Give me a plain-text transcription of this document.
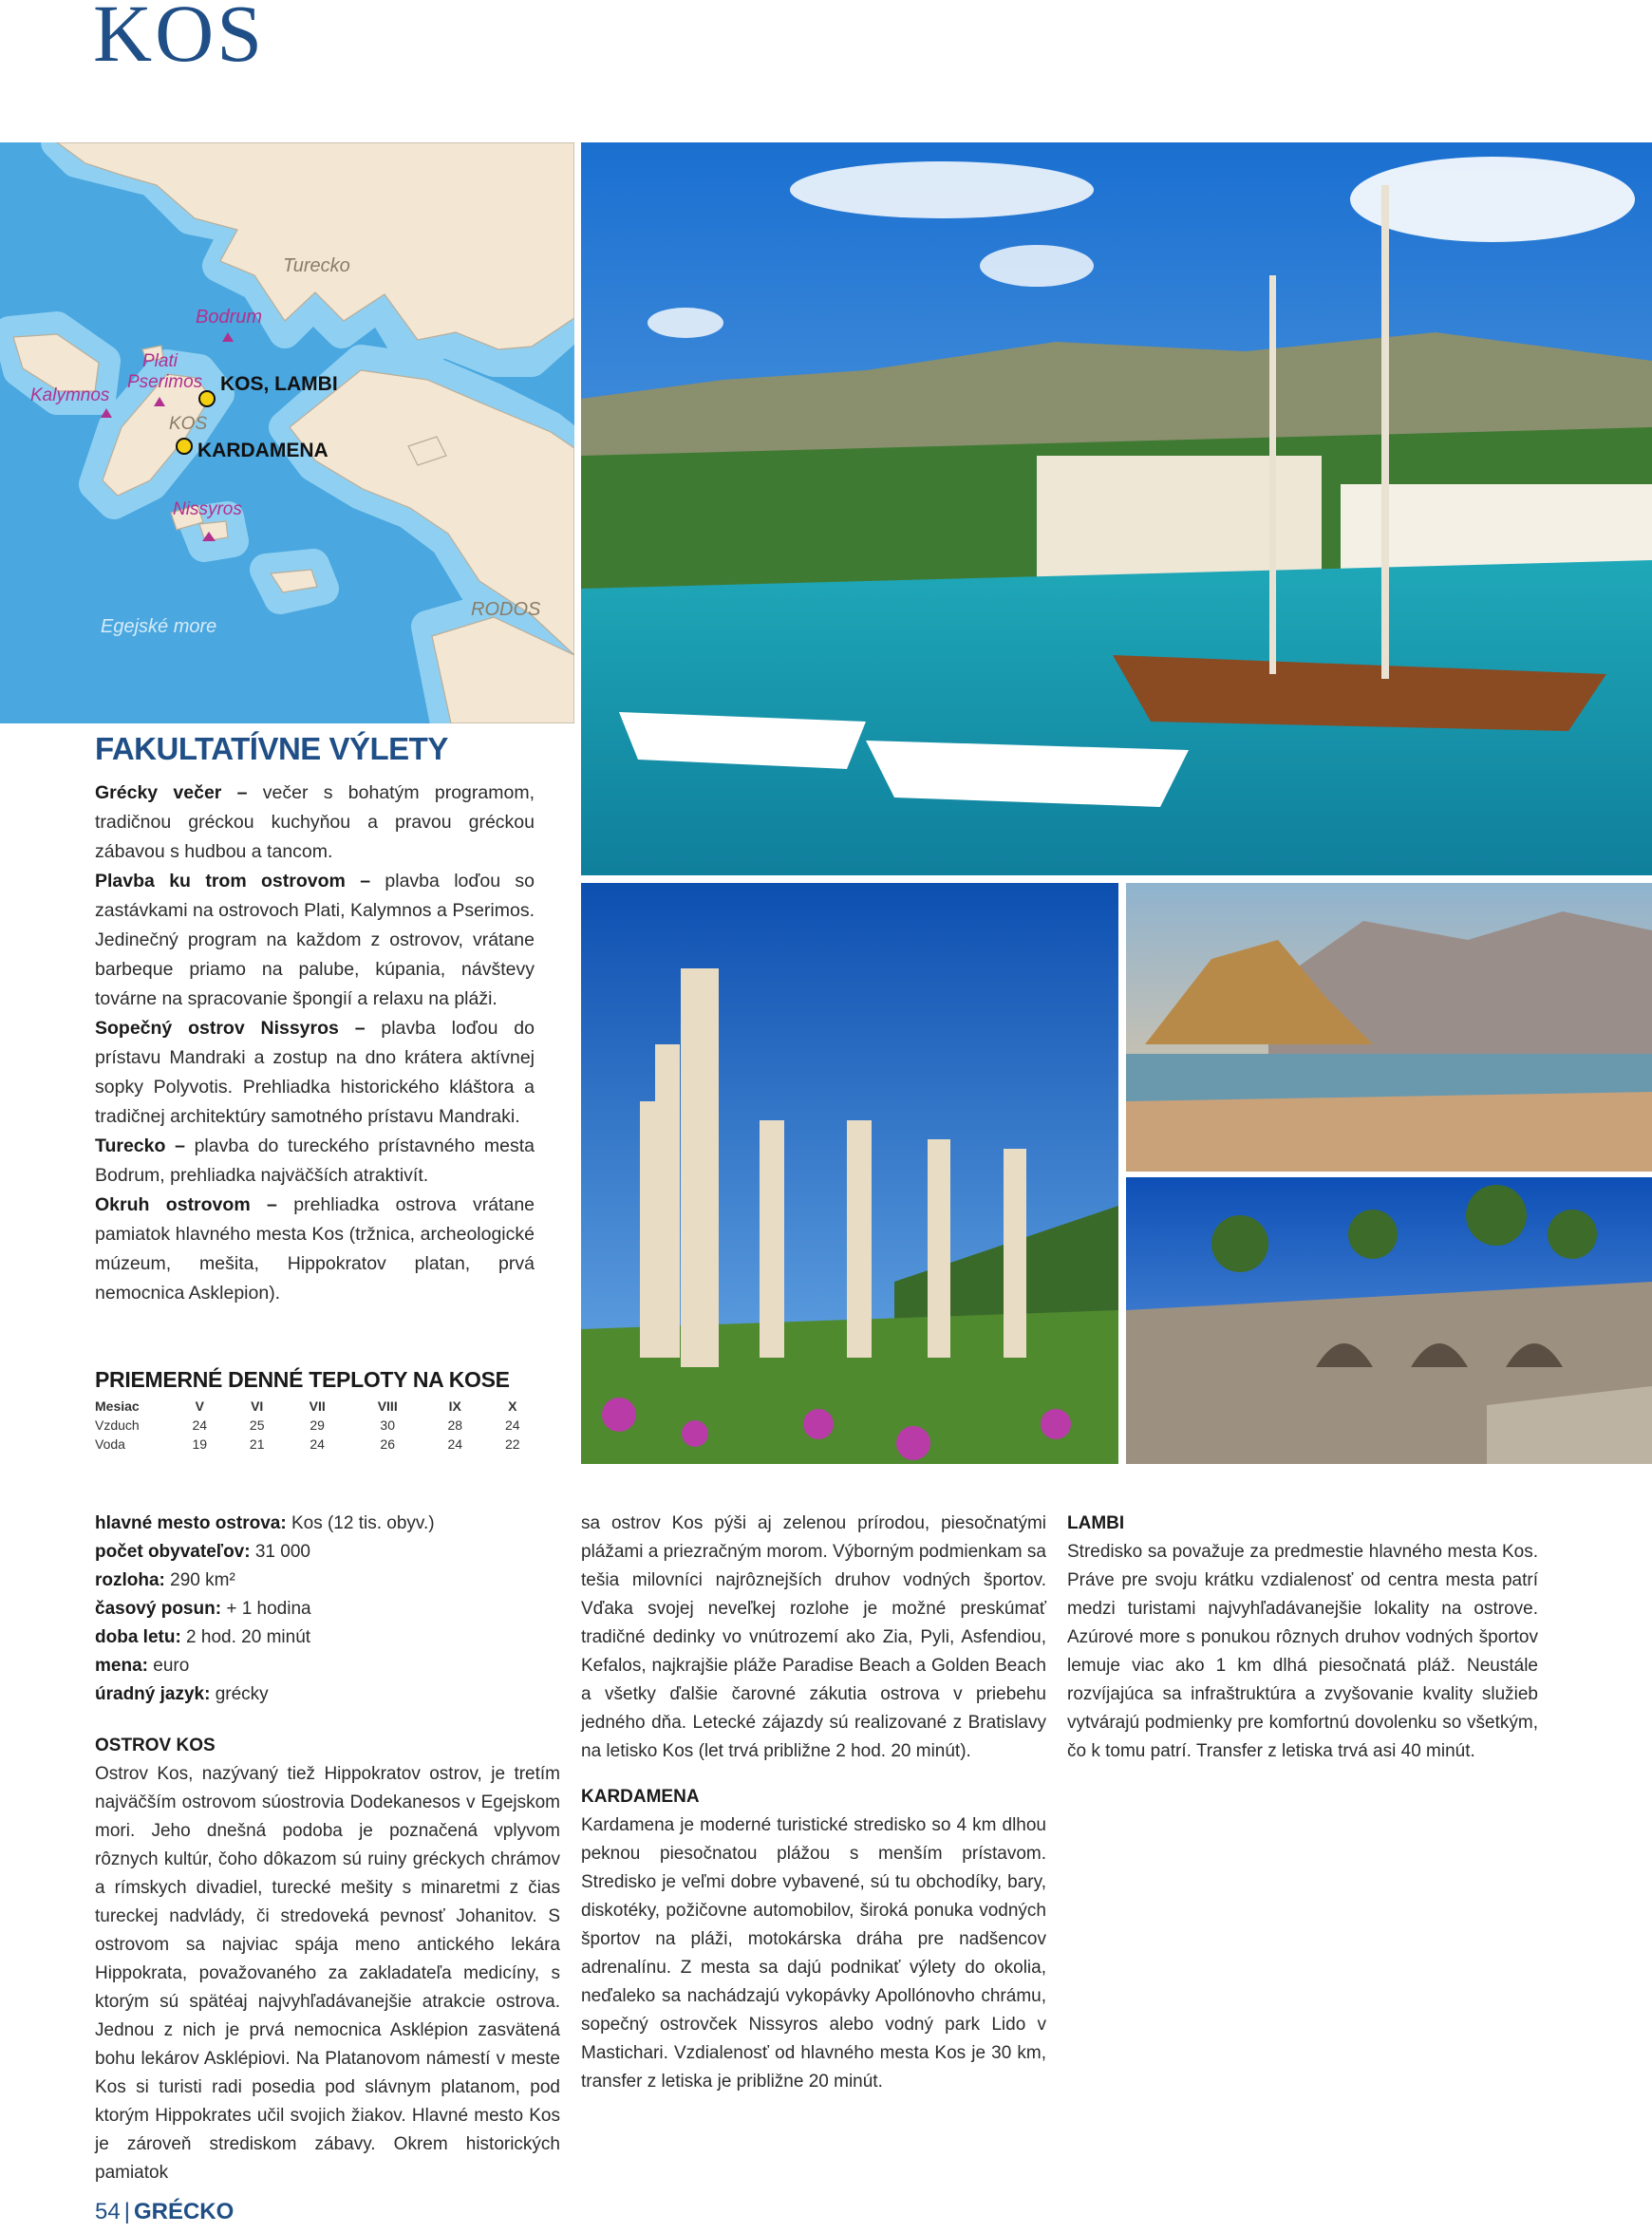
KOS
Turecko
Bodrum
Plati
Pserimos
Kalymnos
KOS, LAMBI
KOS
KARDAMENA
Nissyros
Egejské more
RODOS
FAKULTATÍVNE VÝLETY
Grécky večer – večer s bohatým programom, tradičnou gréckou kuchyňou a pravou gréckou zábavou s hudbou a tancom.
Plavba ku trom ostrovom – plavba loďou so zastávkami na ostrovoch Plati, Kalymnos a Pserimos. Jedinečný program na každom z ostrovov, vrátane barbeque priamo na palube, kúpania, návštevy továrne na spracovanie špongií a relaxu na pláži.
Sopečný ostrov Nissyros – plavba loďou do prístavu Mandraki a zostup na dno krátera aktívnej sopky Polyvotis. Prehliadka historického kláštora a tradičnej architektúry samotného prístavu Mandraki.
Turecko – plavba do tureckého prístavného mesta Bodrum, prehliadka najväčších atraktivít.
Okruh ostrovom – prehliadka ostrova vrátane pamiatok hlavného mesta Kos (tržnica, archeologické múzeum, mešita, Hippokratov platan, prvá nemocnica Asklepion).
PRIEMERNÉ DENNÉ TEPLOTY NA KOSE
Mesiac	V	VI	VII	VIII	IX	X
Vzduch	24	25	29	30	28	24
Voda	19	21	24	26	24	22
hlavné mesto ostrova: Kos (12 tis. obyv.)
počet obyvateľov: 31 000
rozloha: 290 km²
časový posun: + 1 hodina
doba letu: 2 hod. 20 minút
mena: euro
úradný jazyk: grécky
OSTROV KOS
Ostrov Kos, nazývaný tiež Hippokratov ostrov, je tretím najväčším ostrovom súostrovia Dodekanesos v Egejskom mori. Jeho dnešná podoba je poznačená vplyvom rôznych kultúr, čoho dôkazom sú ruiny gréckych chrámov a rímskych divadiel, turecké mešity s minaretmi z čias tureckej nadvlády, či stredoveká pevnosť Johanitov. S ostrovom sa najviac spája meno antického lekára Hippokrata, považovaného za zakladateľa medicíny, s ktorým sú spätéaj najvyhľadávanejšie atrakcie ostrova. Jednou z nich je prvá nemocnica Asklépion zasvätená bohu lekárov Asklépiovi. Na Platanovom námestí v meste Kos si turisti radi posedia pod slávnym platanom, pod ktorým Hippokrates učil svojich žiakov. Hlavné mesto Kos je zároveň strediskom zábavy. Okrem historických pamiatok
sa ostrov Kos pýši aj zelenou prírodou, piesočnatými plážami a priezračným morom. Výborným podmienkam sa tešia milovníci najrôznejších druhov vodných športov. Vďaka svojej neveľkej rozlohe je možné preskúmať tradičné dedinky vo vnútrozemí ako Zia, Pyli, Asfendiou, Kefalos, najkrajšie pláže Paradise Beach a Golden Beach a všetky ďalšie čarovné zákutia ostrova v priebehu jedného dňa. Letecké zájazdy sú realizované z Bratislavy na letisko Kos (let trvá približne 2 hod. 20 minút).
KARDAMENA
Kardamena je moderné turistické stredisko so 4 km dlhou peknou piesočnatou plážou s menším prístavom. Stredisko je veľmi dobre vybavené, sú tu obchodíky, bary, diskotéky, požičovne automobilov, široká ponuka vodných športov na pláži, motokárska dráha pre nadšencov adrenalínu. Z mesta sa dajú podnikať výlety do okolia, neďaleko sa nachádzajú vykopávky Apollónovho chrámu, sopečný ostrovček Nissyros alebo vodný park Lido v Mastichari. Vzdialenosť od hlavného mesta Kos je 30 km, transfer z letiska je približne 20 minút.
LAMBI
Stredisko sa považuje za predmestie hlavného mesta Kos. Práve pre svoju krátku vzdialenosť od centra mesta patrí medzi turistami najvyhľadávanejšie lokality na ostrove. Azúrové more s ponukou rôznych druhov vodných športov lemuje viac ako 1 km dlhá piesočnatá pláž. Neustále rozvíjajúca sa infraštruktúra a zvyšovanie kvality služieb vytvárajú podmienky pre komfortnú dovolenku so všetkým, čo k tomu patrí. Transfer z letiska trvá asi 40 minút.
54 | GRÉCKO
